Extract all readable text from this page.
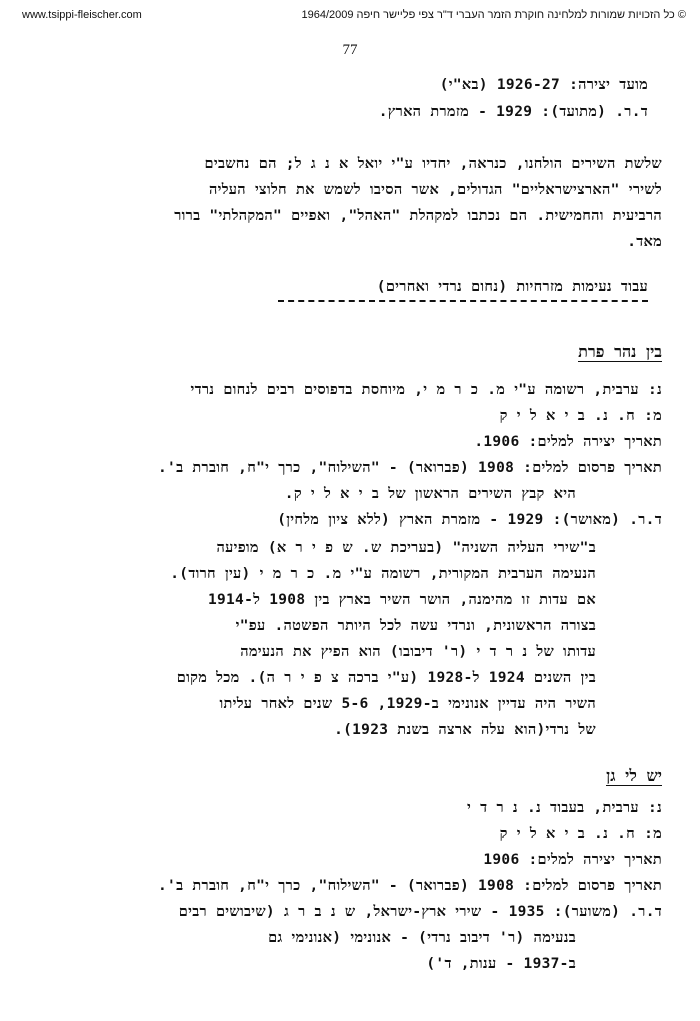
www.tsippi-fleischer.com	© כל הזכויות שמורות למלחינה חוקרת הזמר העברי ד"ר צפי פליישר חיפה 1964/2009
77
מועד יצירה: 1926-27 (בא"י)
ד.ר. (מתועד): 1929 - מזמרת הארץ.
שלשת השירים הולחנו, כנראה, יחדיו ע"י יואל א נ ג ל; הם נחשבים
לשירי "הארצישראליים" הגדולים, אשר הסיבו לשמש את חלוצי העליה
הרביעית והחמישית. הם נכתבו למקהלת "האהל", ואפיים "המקהלתי" ברור
מאד.
עבוד נעימות מזרחיות (נחום נרדי ואחרים)
בין נהר פרת
נ: ערבית, רשומה ע"י מ. כ ר מ י, מיוחסת בדפוסים רבים לנחום נרדי
מ: ח. נ. ב י א ל י ק
תאריך יצירה למלים: 1906.
תאריך פרסום למלים: 1908 (פברואר) - "השילוח", כרך י"ח, חוברת ב'.
היא קבץ השירים הראשון של ב י א ל י ק.
ד.ר. (מאושר): 1929 - מזמרת הארץ (ללא ציון מלחין)
ב"שירי העליה השניה" (בעריכת ש. ש פ י ר א) מופיעה
הנעימה הערבית המקורית, רשומה ע"י מ. כ ר מ י (עין חרוד).
אם עדות זו מהימנה, הושר השיר בארץ בין 1908 ל-1914
בצורה הראשונית, ונרדי עשה לכל היותר הפשטה. עפ"י
עדותו של נ ר ד י (ר' דיבובו) הוא הפיץ את הנעימה
בין השנים 1924 ל-1928 (ע"י ברכה צ פ י ר ה). מכל מקום
השיר היה עדיין אנונימי ב-1929, 5-6 שנים לאחר עליתו
של נרדי(הוא עלה ארצה בשנת 1923).
יש לי גן
נ: ערבית, בעבוד נ. נ ר ד י
מ: ח. נ. ב י א ל י ק
תאריך יצירה למלים: 1906
תאריך פרסום למלים: 1908 (פברואר) - "השילוח", כרך י"ח, חוברת ב'.
ד.ר. (משוער): 1935 - שירי ארץ-ישראל, ש נ ב ר ג (שיבושים רבים
בנעימה (ר' דיבוב נרדי) - אנונימי (אנונימי גם
ב-1937 - ענות, ד')
